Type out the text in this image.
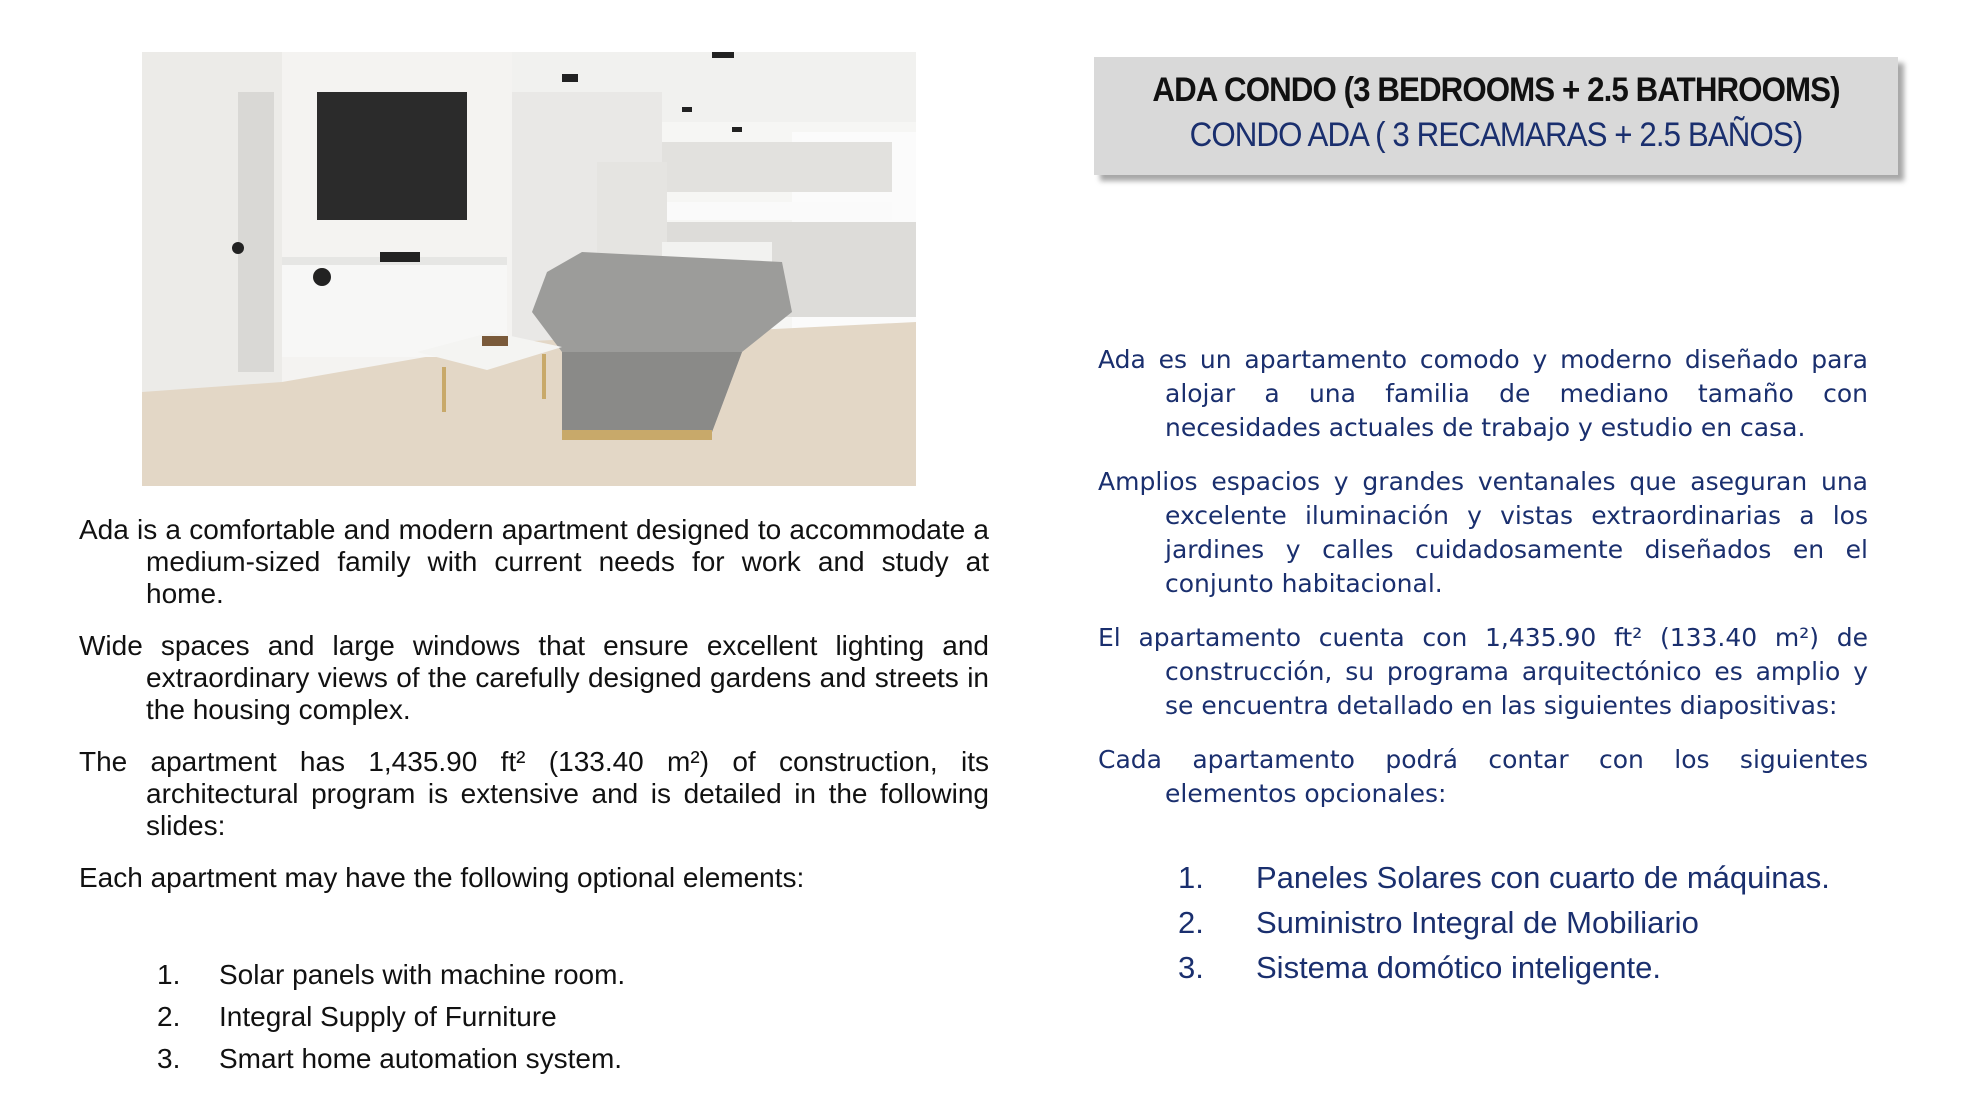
Ada is a comfortable and modern apartment designed to accommodate a medium-sized family with current needs for work and study at home.

Wide spaces and large windows that ensure excellent lighting and extraordinary views of the carefully designed gardens and streets in the housing complex.

The apartment has 1,435.90 ft² (133.40 m²) of construction, its architectural program is extensive and is detailed in the following slides:

Each apartment may have the following optional elements:

1.	Solar panels with machine room.
2.	Integral Supply of Furniture
3.	Smart home automation system.
ADA CONDO (3 BEDROOMS + 2.5 BATHROOMS)
CONDO ADA ( 3 RECAMARAS + 2.5 BAÑOS)

Ada es un apartamento comodo y moderno diseñado para alojar a una familia de mediano tamaño con necesidades actuales de trabajo y estudio en casa.

Amplios espacios y grandes ventanales que aseguran una excelente iluminación y vistas extraordinarias a los jardines y calles cuidadosamente diseñados en el conjunto habitacional.

El apartamento cuenta con 1,435.90 ft² (133.40 m²) de construcción, su programa arquitectónico es amplio y se encuentra detallado en las siguientes diapositivas:

Cada apartamento podrá contar con los siguientes elementos opcionales:

1.	Paneles Solares con cuarto de máquinas.
2.	Suministro Integral de Mobiliario
3.	Sistema domótico inteligente.
